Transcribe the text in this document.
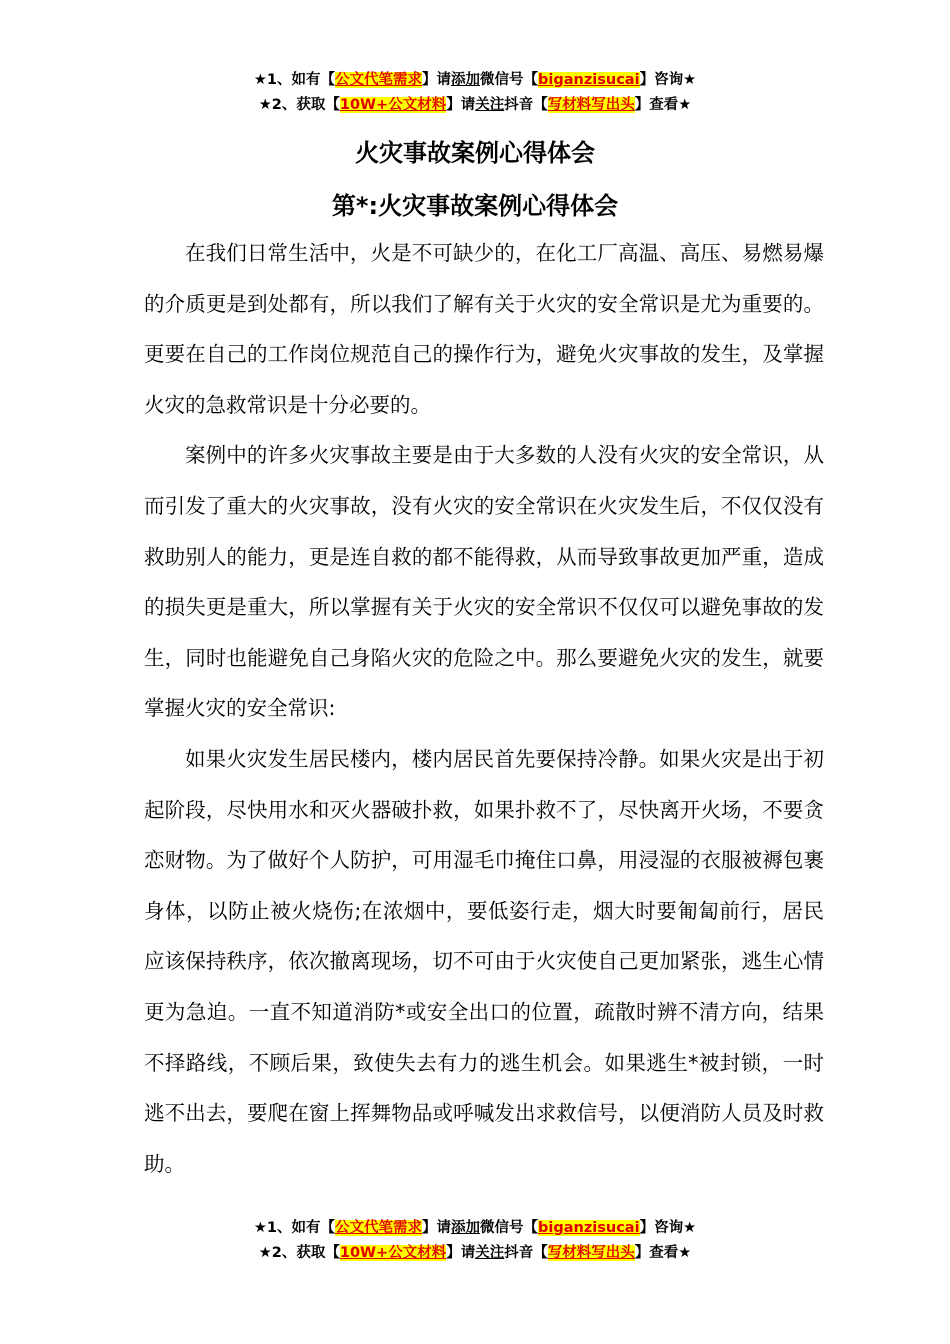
★1、如有【公文代笔需求】请添加微信号【biganzisucai】咨询★
★2、获取【10W+公文材料】请关注抖音【写材料写出头】查看★
火灾事故案例心得体会
第*:火灾事故案例心得体会

在我们日常生活中，火是不可缺少的，在化工厂高温、高压、易燃易爆的介质更是到处都有，所以我们了解有关于火灾的安全常识是尤为重要的。更要在自己的工作岗位规范自己的操作行为，避免火灾事故的发生，及掌握火灾的急救常识是十分必要的。

案例中的许多火灾事故主要是由于大多数的人没有火灾的安全常识，从而引发了重大的火灾事故，没有火灾的安全常识在火灾发生后，不仅仅没有救助别人的能力，更是连自救的都不能得救，从而导致事故更加严重，造成的损失更是重大，所以掌握有关于火灾的安全常识不仅仅可以避免事故的发生，同时也能避免自己身陷火灾的危险之中。那么要避免火灾的发生，就要掌握火灾的安全常识:

如果火灾发生居民楼内，楼内居民首先要保持冷静。如果火灾是出于初起阶段，尽快用水和灭火器破扑救，如果扑救不了，尽快离开火场，不要贪恋财物。为了做好个人防护，可用湿毛巾掩住口鼻，用浸湿的衣服被褥包裹身体，以防止被火烧伤;在浓烟中，要低姿行走，烟大时要匍匐前行，居民应该保持秩序，依次撤离现场，切不可由于火灾使自己更加紧张，逃生心情更为急迫。一直不知道消防*或安全出口的位置，疏散时辨不清方向，结果不择路线，不顾后果，致使失去有力的逃生机会。如果逃生*被封锁，一时逃不出去，要爬在窗上挥舞物品或呼喊发出求救信号，以便消防人员及时救助。

★1、如有【公文代笔需求】请添加微信号【biganzisucai】咨询★
★2、获取【10W+公文材料】请关注抖音【写材料写出头】查看★
